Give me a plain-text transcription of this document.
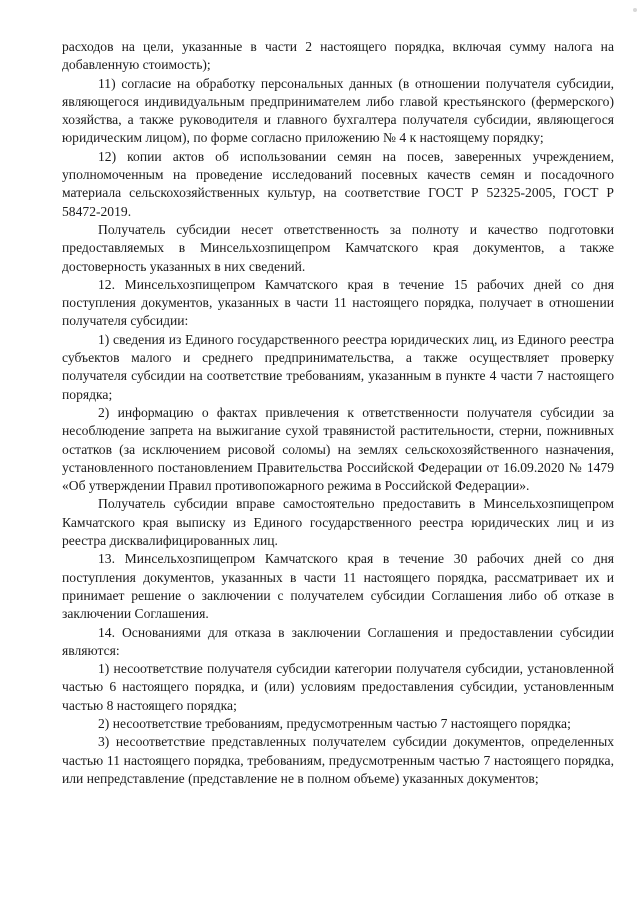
расходов на цели, указанные в части 2 настоящего порядка, включая сумму налога на добавленную стоимость);

11) согласие на обработку персональных данных (в отношении получателя субсидии, являющегося индивидуальным предпринимателем либо главой крестьянского (фермерского) хозяйства, а также руководителя и главного бухгалтера получателя субсидии, являющегося юридическим лицом), по форме согласно приложению № 4 к настоящему порядку;

12) копии актов об использовании семян на посев, заверенных учреждением, уполномоченным на проведение исследований посевных качеств семян и посадочного материала сельскохозяйственных культур, на соответствие ГОСТ Р 52325-2005, ГОСТ Р 58472-2019.

Получатель субсидии несет ответственность за полноту и качество подготовки предоставляемых в Минсельхозпищепром Камчатского края документов, а также достоверность указанных в них сведений.

12. Минсельхозпищепром Камчатского края в течение 15 рабочих дней со дня поступления документов, указанных в части 11 настоящего порядка, получает в отношении получателя субсидии:

1) сведения из Единого государственного реестра юридических лиц, из Единого реестра субъектов малого и среднего предпринимательства, а также осуществляет проверку получателя субсидии на соответствие требованиям, указанным в пункте 4 части 7 настоящего порядка;

2) информацию о фактах привлечения к ответственности получателя субсидии за несоблюдение запрета на выжигание сухой травянистой растительности, стерни, пожнивных остатков (за исключением рисовой соломы) на землях сельскохозяйственного назначения, установленного постановлением Правительства Российской Федерации от 16.09.2020 № 1479 «Об утверждении Правил противопожарного режима в Российской Федерации».

Получатель субсидии вправе самостоятельно предоставить в Минсельхозпищепром Камчатского края выписку из Единого государственного реестра юридических лиц и из реестра дисквалифицированных лиц.

13. Минсельхозпищепром Камчатского края в течение 30 рабочих дней со дня поступления документов, указанных в части 11 настоящего порядка, рассматривает их и принимает решение о заключении с получателем субсидии Соглашения либо об отказе в заключении Соглашения.

14. Основаниями для отказа в заключении Соглашения и предоставлении субсидии являются:

1) несоответствие получателя субсидии категории получателя субсидии, установленной частью 6 настоящего порядка, и (или) условиям предоставления субсидии, установленным частью 8 настоящего порядка;

2) несоответствие требованиям, предусмотренным частью 7 настоящего порядка;

3) несоответствие представленных получателем субсидии документов, определенных частью 11 настоящего порядка, требованиям, предусмотренным частью 7 настоящего порядка, или непредставление (представление не в полном объеме) указанных документов;
